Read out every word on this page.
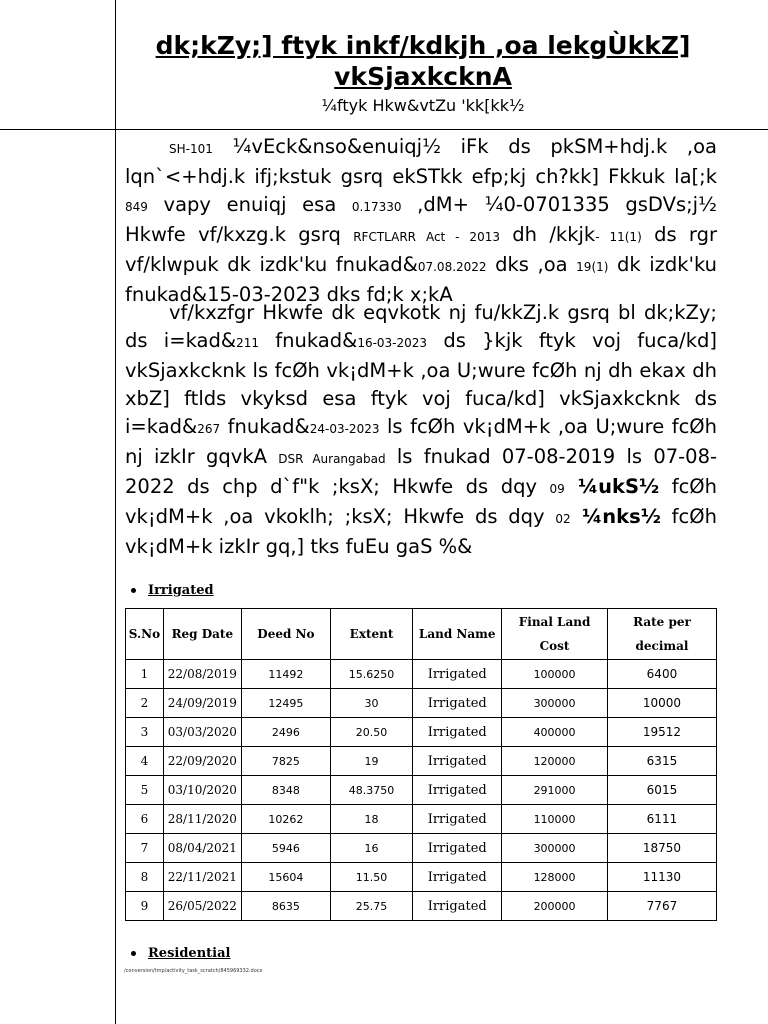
dk;kZy;] ftyk inkf/kdkjh ,oa lekgÙkkZ]
vkSjaxkcknA
¼ftyk Hkw&vtZu 'kk[kk½
SH-101 ¼vEck&nso&enuiqj½ iFk ds pkSM+hdj.k ,oa lqn`<+hdj.k ifj;kstuk gsrq ekSTkk efp;kj ch?kk] Fkkuk la[;k 849 vapy enuiqj esa 0.17330 ,dM+ ¼0-0701335 gsDVs;j½ Hkwfe vf/kxzg.k gsrq RFCTLARR Act - 2013 dh /kkjk- 11(1) ds rgr vf/klwpuk dk izdk'ku fnukad&07.08.2022 dks ,oa 19(1) dk izdk'ku fnukad&15-03-2023 dks fd;k x;kA
vf/kxzfgr Hkwfe dk eqvkotk nj fu/kkZj.k gsrq bl dk;kZy; ds i=kad&211 fnukad&16-03-2023 ds }kjk ftyk voj fuca/kd] vkSjaxkcknk ls fcØh vk¡dM+k ,oa U;wure fcØh nj dh ekax dh xbZ] ftlds vkyksd esa ftyk voj fuca/kd] vkSjaxkcknk ds i=kad&267 fnukad&24-03-2023 ls fcØh vk¡dM+k ,oa U;wure fcØh nj izkIr gqvkA DSR Aurangabad ls fnukad 07-08-2019 ls 07-08-2022 ds chp d`f"k ;ksX; Hkwfe ds dqy 09 ¼ukS½ fcØh vk¡dM+k ,oa vkoklh; ;ksX; Hkwfe ds dqy 02 ¼nks½ fcØh vk¡dM+k izkIr gq,] tks fuEu gaS %&
Irrigated
S.No	Reg Date	Deed No	Extent	Land Name	Final Land Cost	Rate per decimal
1	22/08/2019	11492	15.6250	Irrigated	100000	6400
2	24/09/2019	12495	30	Irrigated	300000	10000
3	03/03/2020	2496	20.50	Irrigated	400000	19512
4	22/09/2020	7825	19	Irrigated	120000	6315
5	03/10/2020	8348	48.3750	Irrigated	291000	6015
6	28/11/2020	10262	18	Irrigated	110000	6111
7	08/04/2021	5946	16	Irrigated	300000	18750
8	22/11/2021	15604	11.50	Irrigated	128000	11130
9	26/05/2022	8635	25.75	Irrigated	200000	7767
Residential
/conversion/tmp/activity_task_scratch/845969332.docx
